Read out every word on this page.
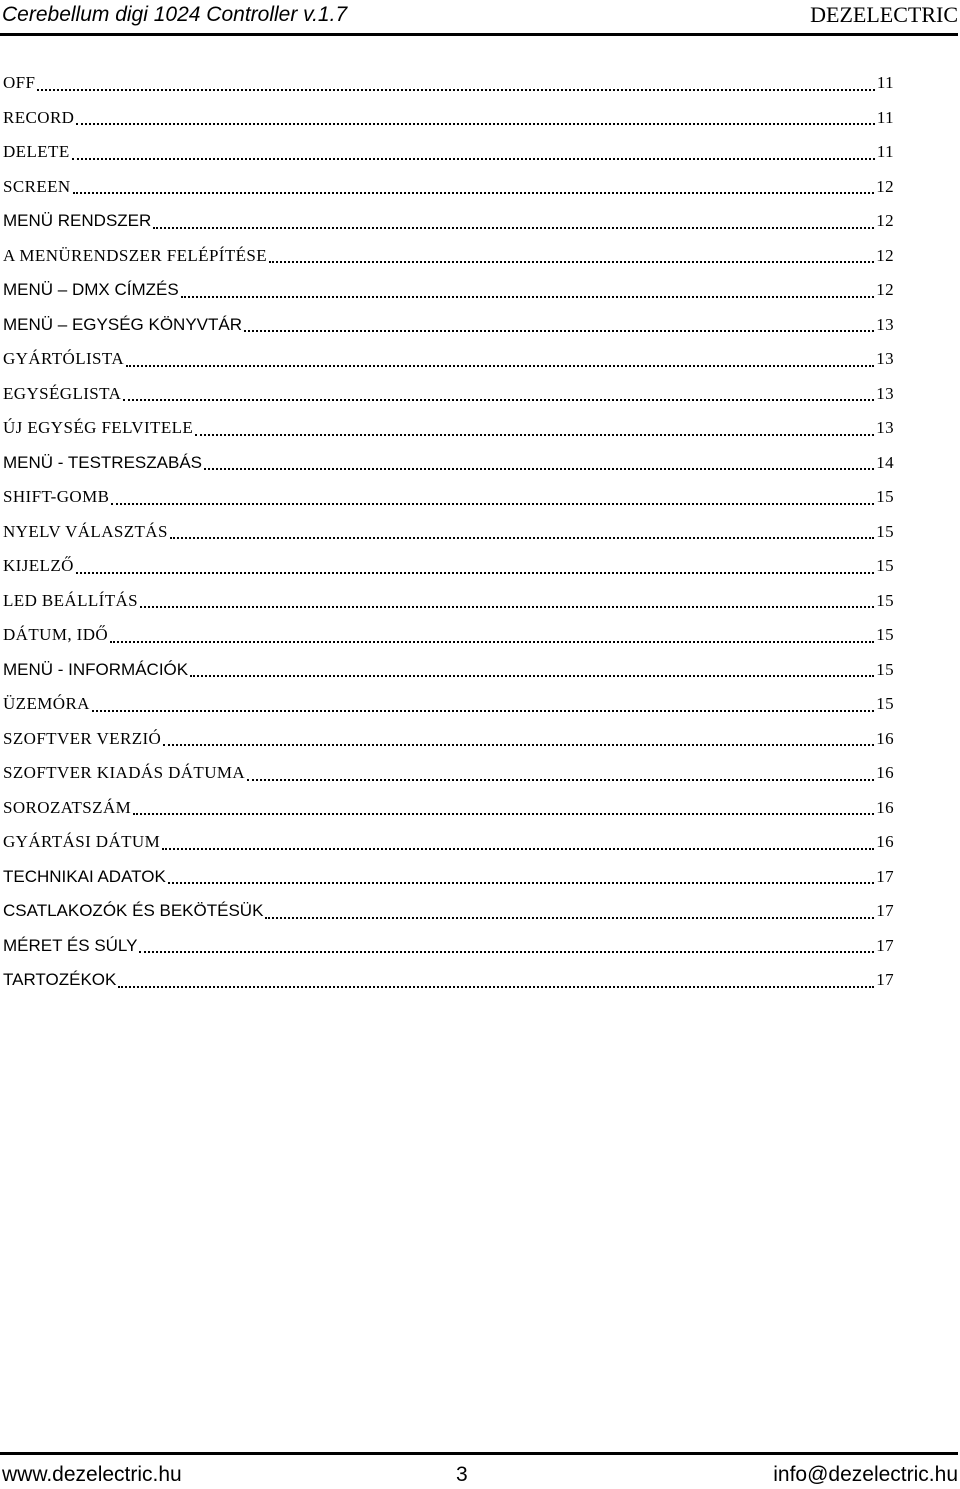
Cerebellum digi 1024 Controller v.1.7	DEZELECTRIC
OFF	11
RECORD	11
DELETE	11
SCREEN	12
MENÜ RENDSZER	12
A MENÜRENDSZER FELÉPÍTÉSE	12
MENÜ – DMX CÍMZÉS	12
MENÜ – EGYSÉG KÖNYVTÁR	13
GYÁRTÓLISTA	13
EGYSÉGLISTA	13
ÚJ EGYSÉG FELVITELE	13
MENÜ - TESTRESZABÁS	14
SHIFT-GOMB	15
NYELV VÁLASZTÁS	15
KIJELZŐ	15
LED BEÁLLÍTÁS	15
DÁTUM, IDŐ	15
MENÜ - INFORMÁCIÓK	15
ÜZEMÓRA	15
SZOFTVER VERZIÓ	16
SZOFTVER KIADÁS DÁTUMA	16
SOROZATSZÁM	16
GYÁRTÁSI DÁTUM	16
TECHNIKAI ADATOK	17
CSATLAKOZÓK ÉS BEKÖTÉSÜK	17
MÉRET ÉS SÚLY	17
TARTOZÉKOK	17
www.dezelectric.hu	3	info@dezelectric.hu
